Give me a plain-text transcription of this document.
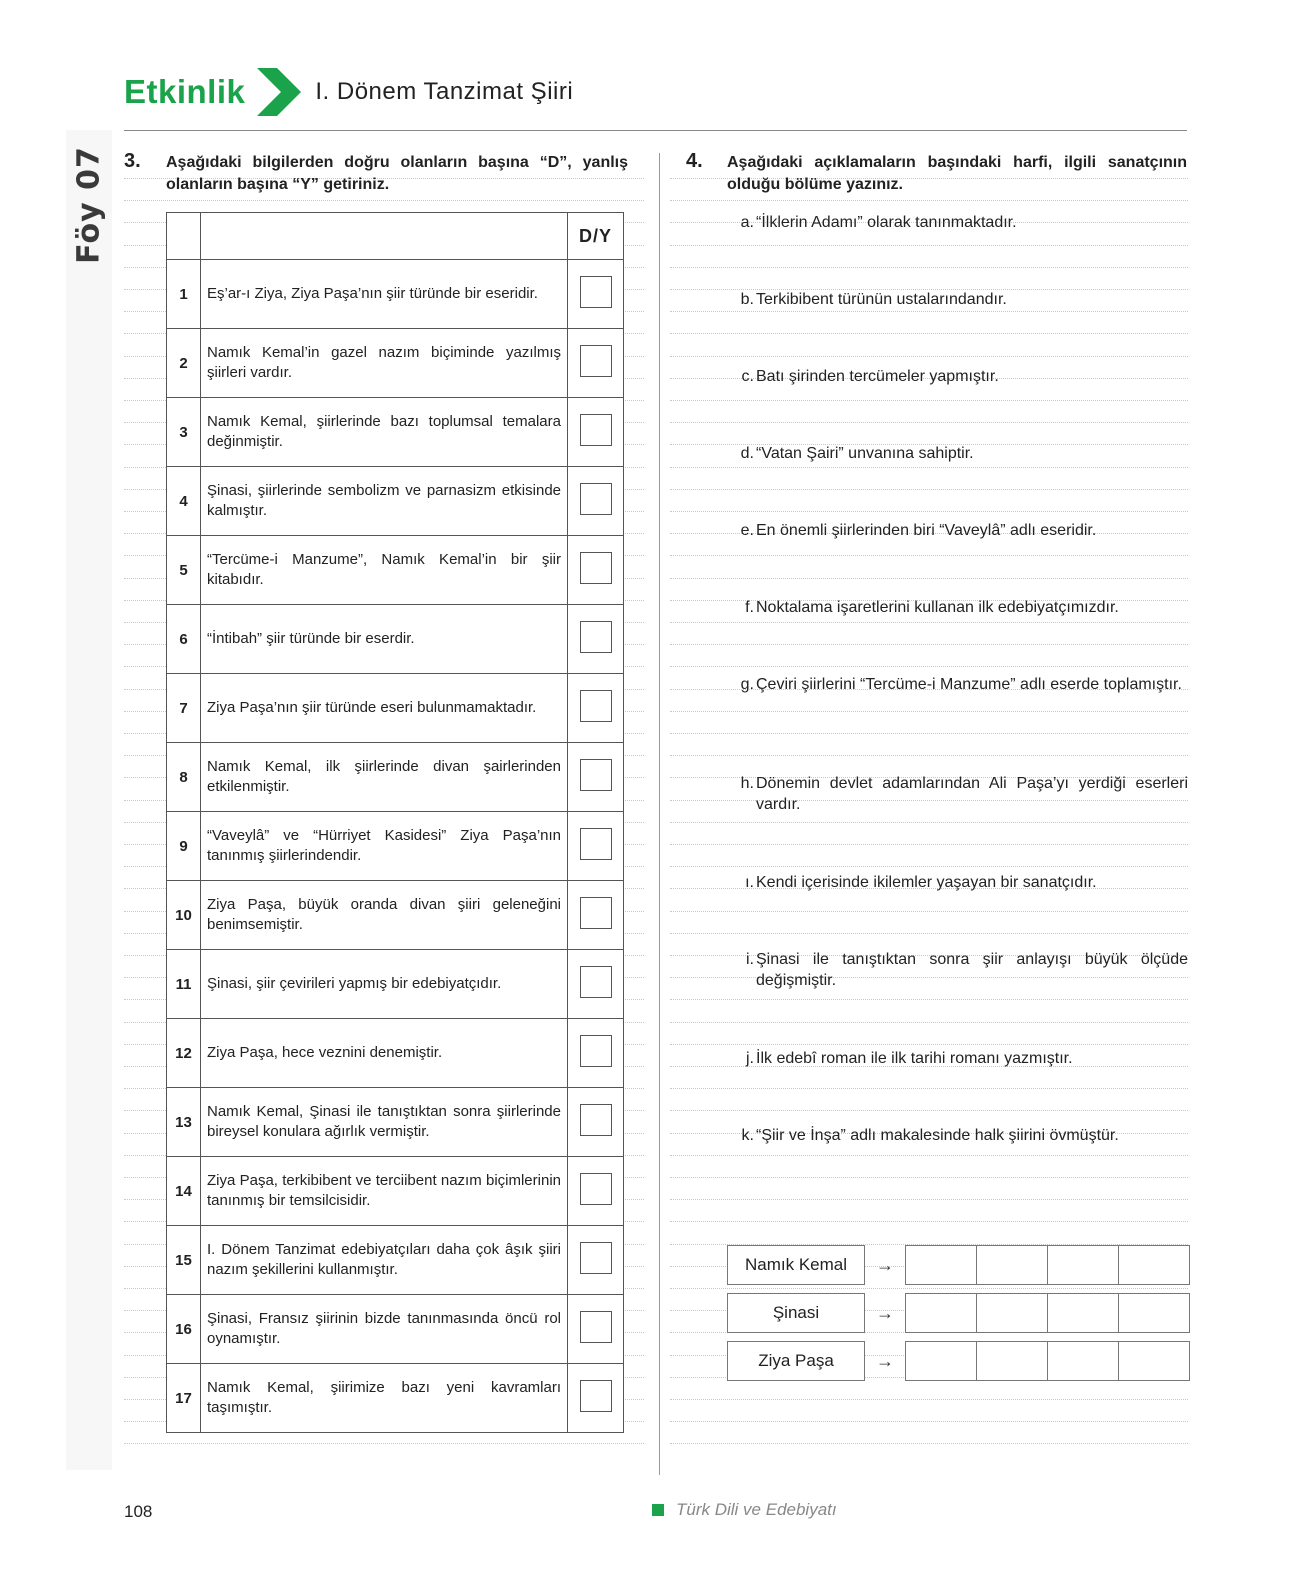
Föy 07
Etkinlik	I. Dönem Tanzimat Şiiri
3. Aşağıdaki bilgilerden doğru olanların başına “D”, yanlış olanların başına “Y” getiriniz.
		D/Y
1	Eş’ar-ı Ziya, Ziya Paşa’nın şiir türünde bir eseridir.	
2	Namık Kemal’in gazel nazım biçiminde yazılmış şiirleri vardır.	
3	Namık Kemal, şiirlerinde bazı toplumsal temalara değinmiştir.	
4	Şinasi, şiirlerinde sembolizm ve parnasizm etkisinde kalmıştır.	
5	“Tercüme-i Manzume”, Namık Kemal’in bir şiir kitabıdır.	
6	“İntibah” şiir türünde bir eserdir.	
7	Ziya Paşa’nın şiir türünde eseri bulunmamaktadır.	
8	Namık Kemal, ilk şiirlerinde divan şairlerinden etkilenmiştir.	
9	“Vaveylâ” ve “Hürriyet Kasidesi” Ziya Paşa’nın tanınmış şiirlerindendir.	
10	Ziya Paşa, büyük oranda divan şiiri geleneğini benimsemiştir.	
11	Şinasi, şiir çevirileri yapmış bir edebiyatçıdır.	
12	Ziya Paşa, hece veznini denemiştir.	
13	Namık Kemal, Şinasi ile tanıştıktan sonra şiirlerinde bireysel konulara ağırlık vermiştir.	
14	Ziya Paşa, terkibibent ve terciibent nazım biçimlerinin tanınmış bir temsilcisidir.	
15	I. Dönem Tanzimat edebiyatçıları daha çok âşık şiiri nazım şekillerini kullanmıştır.	
16	Şinasi, Fransız şiirinin bizde tanınmasında öncü rol oynamıştır.	
17	Namık Kemal, şiirimize bazı yeni kavramları taşımıştır.	
4. Aşağıdaki açıklamaların başındaki harfi, ilgili sanatçının olduğu bölüme yazınız.
a. “İlklerin Adamı” olarak tanınmaktadır.
b. Terkibibent türünün ustalarındandır.
c. Batı şirinden tercümeler yapmıştır.
d. “Vatan Şairi” unvanına sahiptir.
e. En önemli şiirlerinden biri “Vaveylâ” adlı eseridir.
f. Noktalama işaretlerini kullanan ilk edebiyatçımızdır.
g. Çeviri şiirlerini “Tercüme-i Manzume” adlı eserde toplamıştır.
h. Dönemin devlet adamlarından Ali Paşa’yı yerdiği eserleri vardır.
ı. Kendi içerisinde ikilemler yaşayan bir sanatçıdır.
i. Şinasi ile tanıştıktan sonra şiir anlayışı büyük ölçüde değişmiştir.
j. İlk edebî roman ile ilk tarihi romanı yazmıştır.
k. “Şiir ve İnşa” adlı makalesinde halk şiirini övmüştür.
Namık Kemal	→
Şinasi	→
Ziya Paşa	→
108	Türk Dili ve Edebiyatı
